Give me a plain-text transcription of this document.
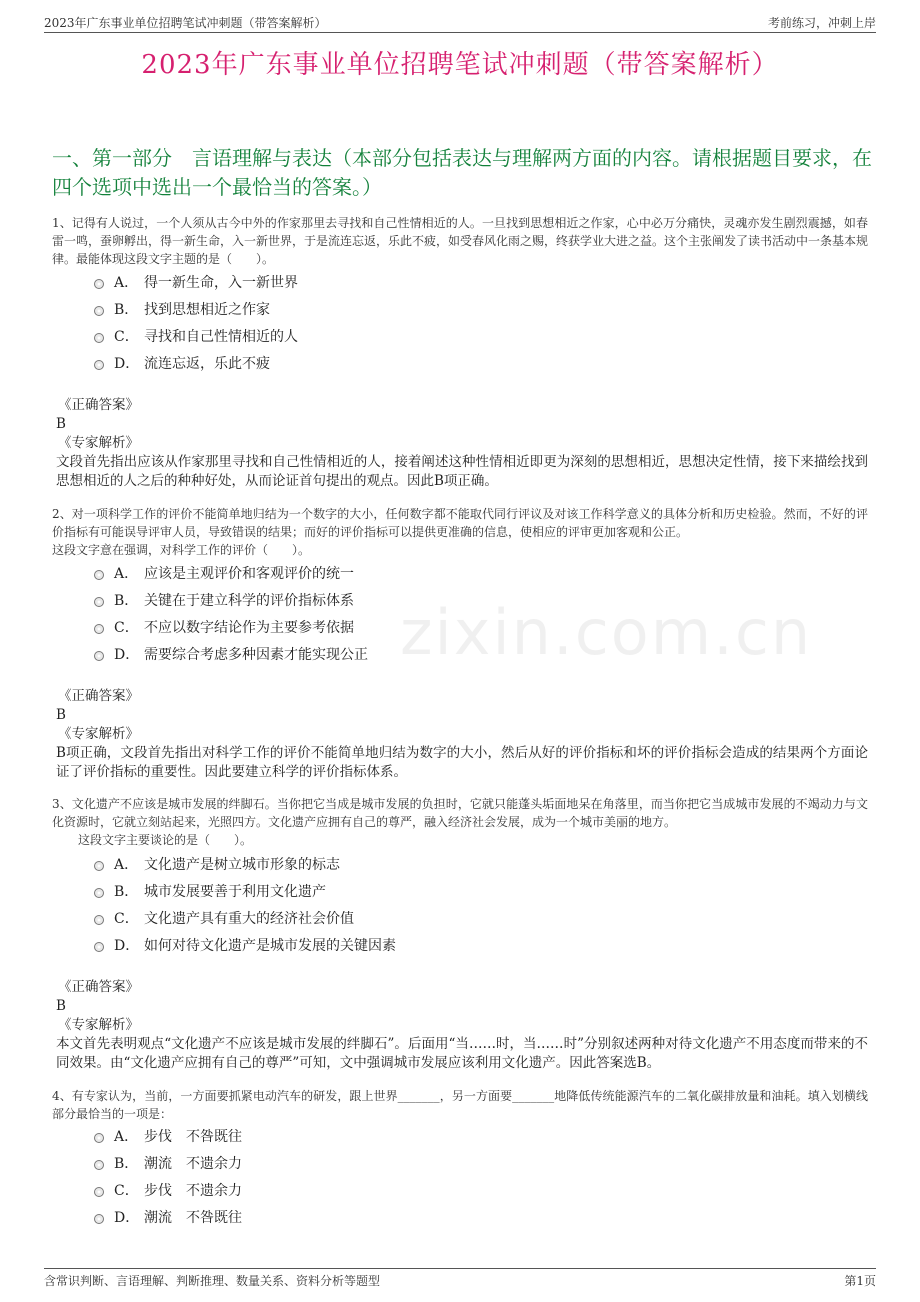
2023年广东事业单位招聘笔试冲刺题（带答案解析）	考前练习，冲刺上岸
2023年广东事业单位招聘笔试冲刺题（带答案解析）
一、第一部分　言语理解与表达（本部分包括表达与理解两方面的内容。请根据题目要求，在四个选项中选出一个最恰当的答案。）
zixin.com.cn
1、记得有人说过，一个人须从古今中外的作家那里去寻找和自己性情相近的人。一旦找到思想相近之作家，心中必万分痛快，灵魂亦发生剧烈震撼，如春雷一鸣，蚕卵孵出，得一新生命，入一新世界，于是流连忘返，乐此不疲，如受春风化雨之赐，终获学业大进之益。这个主张阐发了读书活动中一条基本规律。最能体现这段文字主题的是（　　）。
A． 得一新生命，入一新世界
B． 找到思想相近之作家
C． 寻找和自己性情相近的人
D． 流连忘返，乐此不疲
《正确答案》
B
《专家解析》
文段首先指出应该从作家那里寻找和自己性情相近的人，接着阐述这种性情相近即更为深刻的思想相近，思想决定性情，接下来描绘找到思想相近的人之后的种种好处，从而论证首句提出的观点。因此B项正确。
2、对一项科学工作的评价不能简单地归结为一个数字的大小，任何数字都不能取代同行评议及对该工作科学意义的具体分析和历史检验。然而，不好的评价指标有可能误导评审人员，导致错误的结果；而好的评价指标可以提供更准确的信息，使相应的评审更加客观和公正。
这段文字意在强调，对科学工作的评价（　　）。
A． 应该是主观评价和客观评价的统一
B． 关键在于建立科学的评价指标体系
C． 不应以数字结论作为主要参考依据
D． 需要综合考虑多种因素才能实现公正
《正确答案》
B
《专家解析》
B项正确，文段首先指出对科学工作的评价不能简单地归结为数字的大小，然后从好的评价指标和坏的评价指标会造成的结果两个方面论证了评价指标的重要性。因此要建立科学的评价指标体系。
3、文化遗产不应该是城市发展的绊脚石。当你把它当成是城市发展的负担时，它就只能蓬头垢面地呆在角落里，而当你把它当成城市发展的不竭动力与文化资源时，它就立刻站起来，光照四方。文化遗产应拥有自己的尊严，融入经济社会发展，成为一个城市美丽的地方。
这段文字主要谈论的是（　　）。
A． 文化遗产是树立城市形象的标志
B． 城市发展要善于利用文化遗产
C． 文化遗产具有重大的经济社会价值
D． 如何对待文化遗产是城市发展的关键因素
《正确答案》
B
《专家解析》
本文首先表明观点“文化遗产不应该是城市发展的绊脚石”。后面用“当……时，当……时”分别叙述两种对待文化遗产不用态度而带来的不同效果。由“文化遗产应拥有自己的尊严”可知，文中强调城市发展应该利用文化遗产。因此答案选B。
4、有专家认为，当前，一方面要抓紧电动汽车的研发，跟上世界_______，另一方面要_______地降低传统能源汽车的二氧化碳排放量和油耗。填入划横线部分最恰当的一项是：
A． 步伐　不咎既往
B． 潮流　不遗余力
C． 步伐　不遗余力
D． 潮流　不咎既往
含常识判断、言语理解、判断推理、数量关系、资料分析等题型	第1页
